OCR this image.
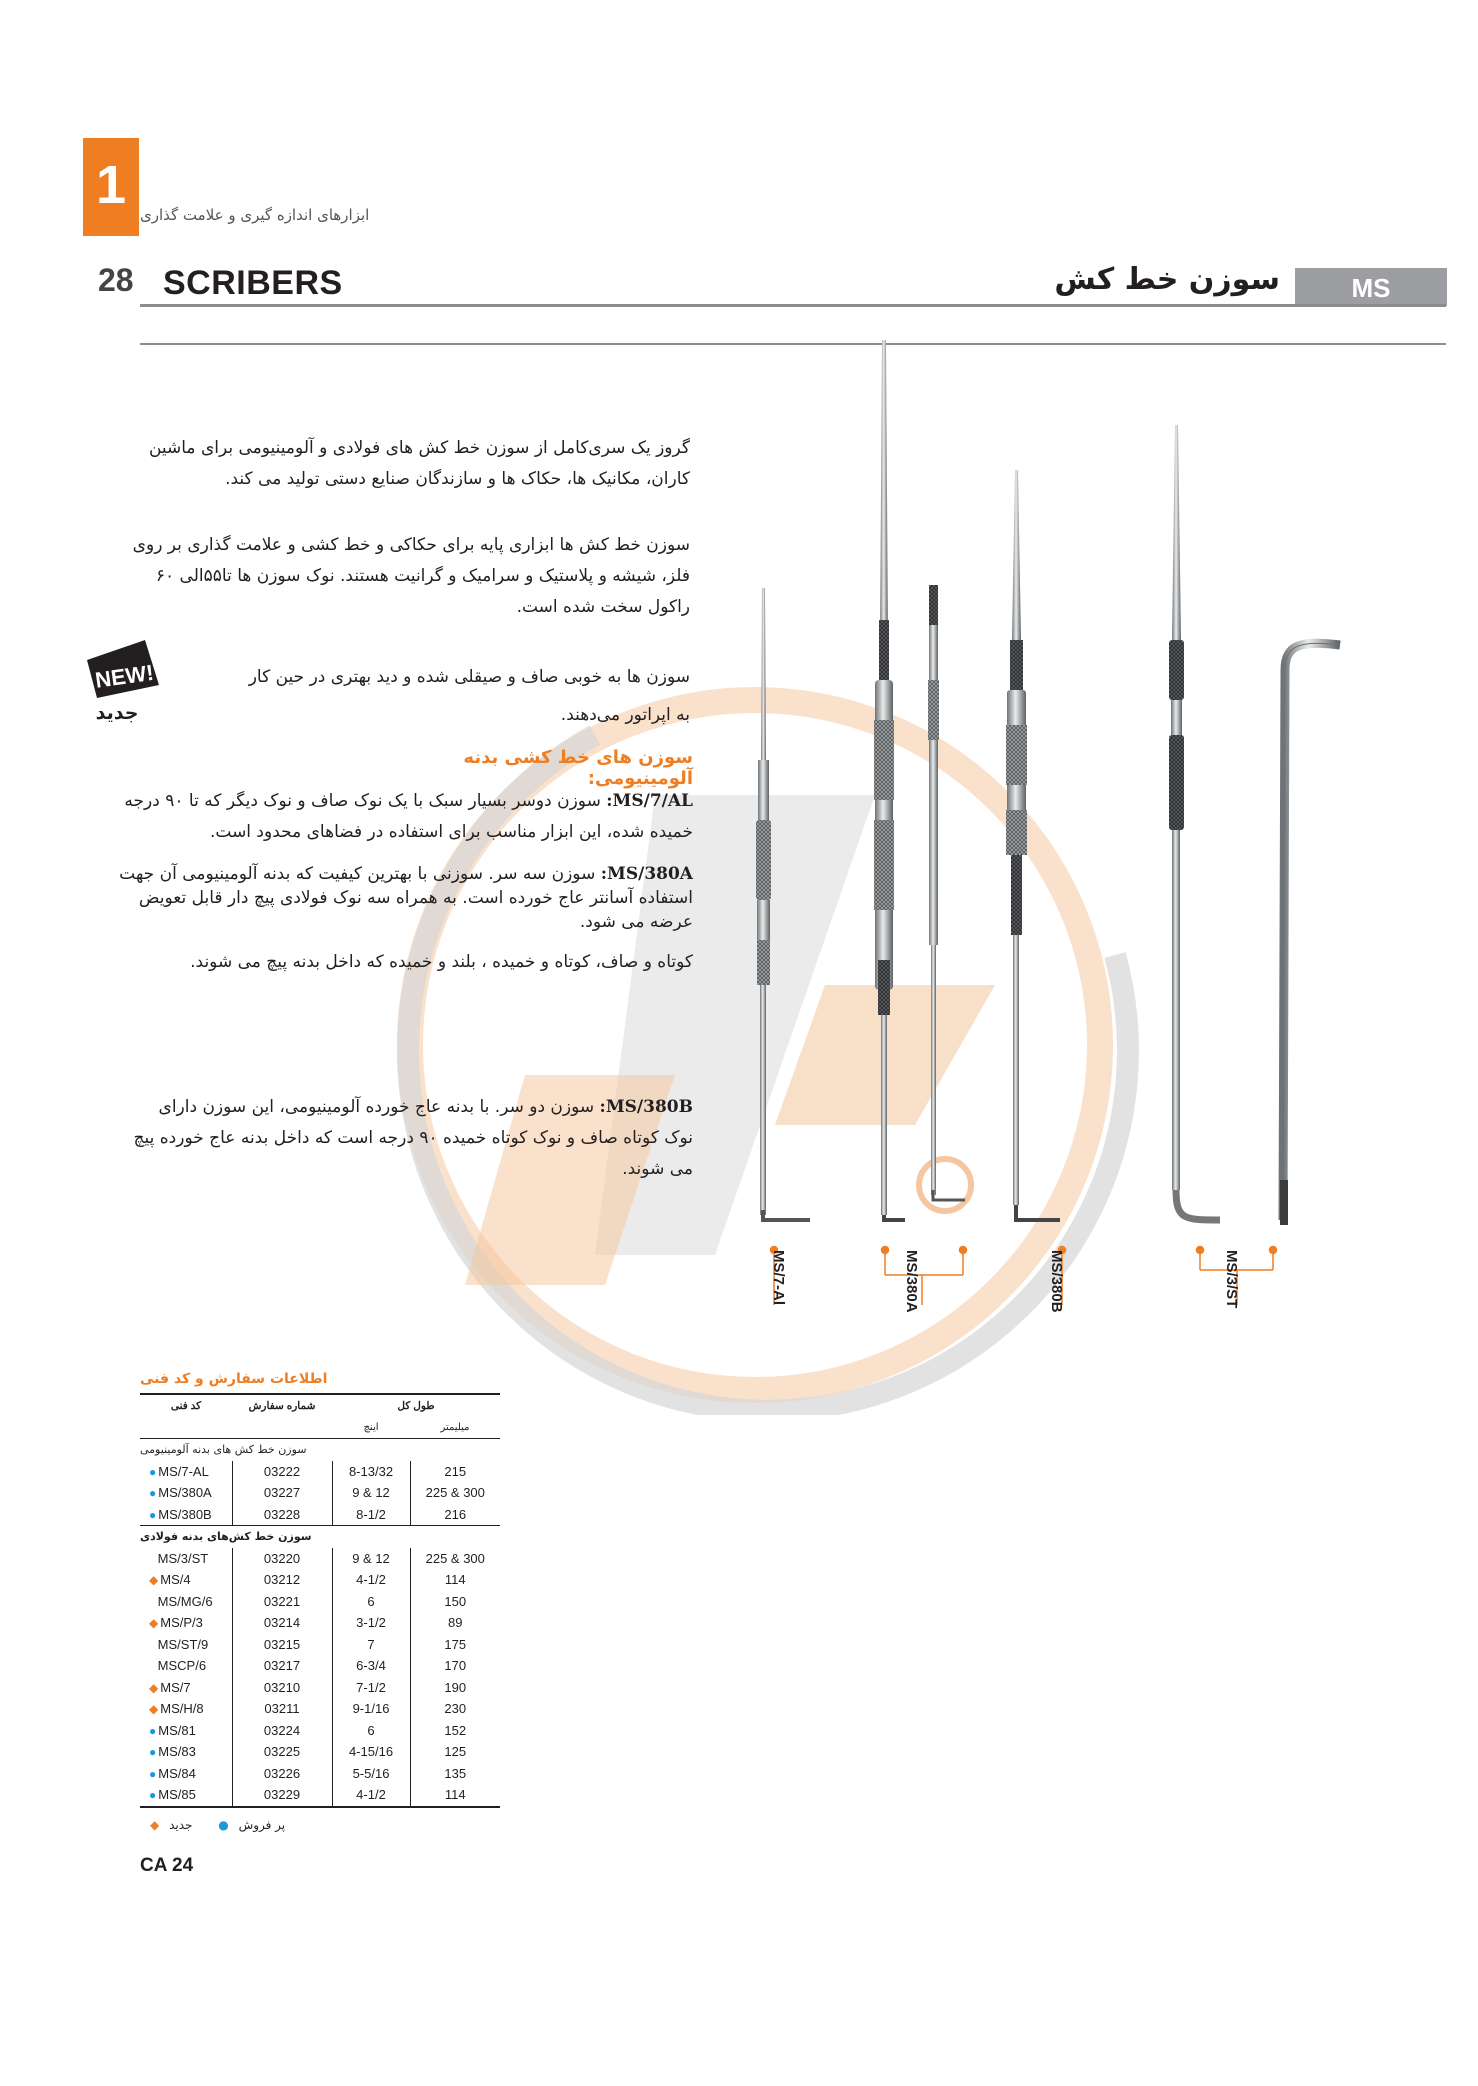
1 ابزارهای اندازه گیری و علامت گذاری
28 SCRIBERS	سوزن خط کش	MS
گروز یک سری‌کامل از سوزن خط کش های فولادی و آلومینیومی برای ماشین کاران، مکانیک ها، حکاک ها و سازندگان صنایع دستی تولید می کند.
سوزن خط کش ها ابزاری پایه برای حکاکی و خط کشی و علامت گذاری بر روی فلز، شیشه و پلاستیک و سرامیک و گرانیت هستند. نوک سوزن ها تا۵۵الی ۶۰ راکول سخت شده است.
سوزن ها به خوبی صاف و صیقلی شده و دید بهتری در حین کار به اپراتور می‌دهند.
NEW!
جدید
سوزن های خط کشی بدنه آلومینیومی:
MS/7/AL: سوزن دوسر بسیار سبک با یک نوک صاف و نوک دیگر که تا ۹۰ درجه خمیده شده، این ابزار مناسب برای استفاده در فضاهای محدود است.
MS/380A: سوزن سه سر. سوزنی با بهترین کیفیت که بدنه آلومینیومی آن جهت استفاده آسانتر عاج خورده است. به همراه سه نوک فولادی پیچ دار قابل تعویض عرضه می شود.
کوتاه و صاف، کوتاه و خمیده ، بلند و خمیده که داخل بدنه پیچ می شوند.
MS/380B: سوزن دو سر. با بدنه عاج خورده آلومینیومی، این سوزن دارای نوک کوتاه صاف و نوک کوتاه خمیده ۹۰ درجه است که داخل بدنه عاج خورده پیچ می شوند.
MS/7-Al	MS/380A	MS/380B	MS/3/ST
اطلاعات سفارش و کد فنی
کد فنی	شماره سفارش	طول کل	
		اینچ	میلیمتر
سوزن خط کش های بدنه آلومینیومی			
● MS/7-AL	03222	8-13/32	215
● MS/380A	03227	9 & 12	225 & 300
● MS/380B	03228	8-1/2	216
سوزن خط کش‌های بدنه فولادی			
MS/3/ST	03220	9 & 12	225 & 300
◆ MS/4	03212	4-1/2	114
MS/MG/6	03221	6	150
◆ MS/P/3	03214	3-1/2	89
MS/ST/9	03215	7	175
MSCP/6	03217	6-3/4	170
◆ MS/7	03210	7-1/2	190
◆ MS/H/8	03211	9-1/16	230
● MS/81	03224	6	152
● MS/83	03225	4-15/16	125
● MS/84	03226	5-5/16	135
● MS/85	03229	4-1/2	114
◆	پر فروش ● جدید
CA 24
